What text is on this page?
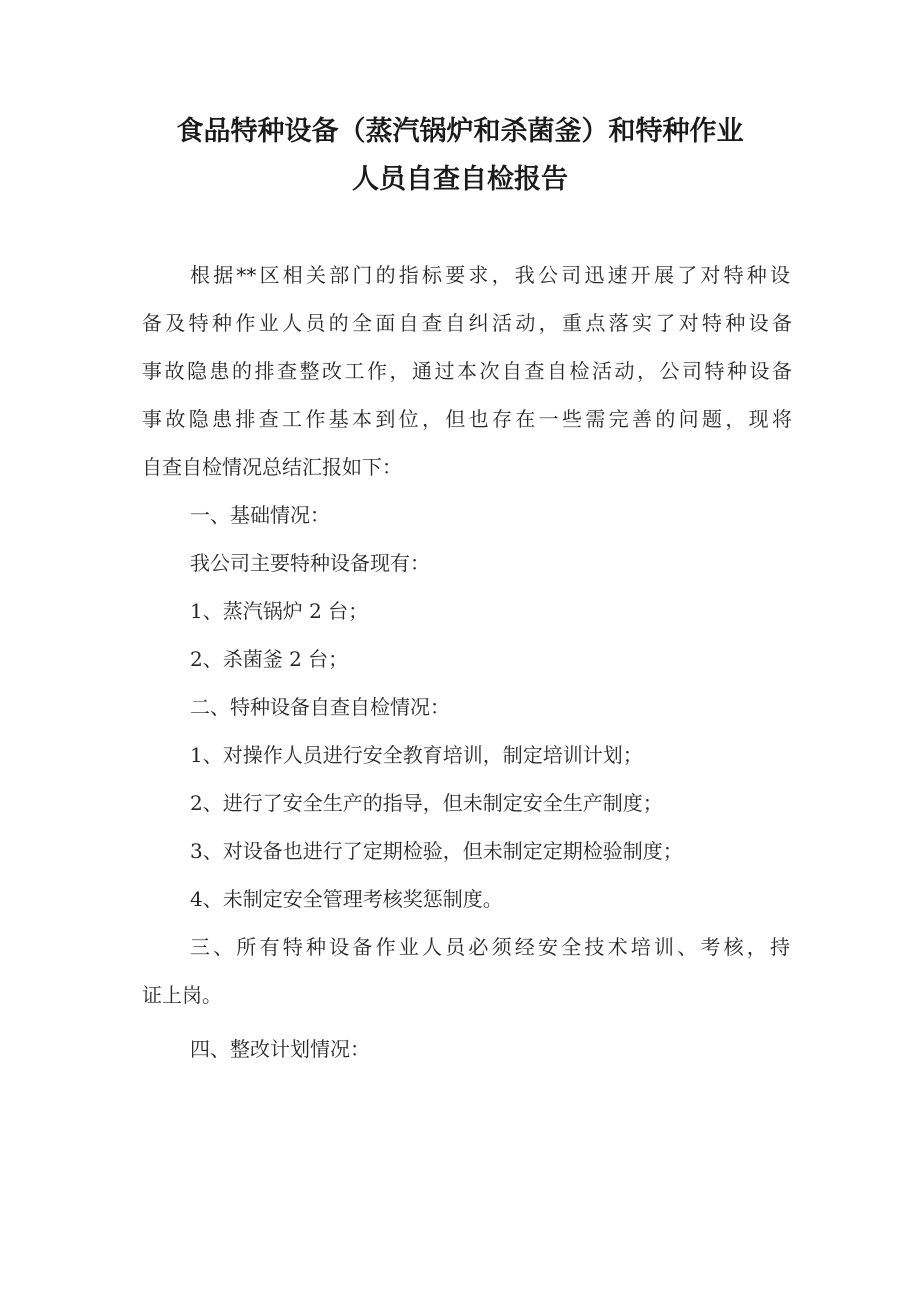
食品特种设备（蒸汽锅炉和杀菌釜）和特种作业
人员自查自检报告
根据**区相关部门的指标要求，我公司迅速开展了对特种设
备及特种作业人员的全面自查自纠活动，重点落实了对特种设备
事故隐患的排查整改工作，通过本次自查自检活动，公司特种设备
事故隐患排查工作基本到位，但也存在一些需完善的问题，现将
自查自检情况总结汇报如下：
一、基础情况：
我公司主要特种设备现有：
1、蒸汽锅炉 2 台；
2、杀菌釜 2 台；
二、特种设备自查自检情况：
1、对操作人员进行安全教育培训，制定培训计划；
2、进行了安全生产的指导，但未制定安全生产制度；
3、对设备也进行了定期检验，但未制定定期检验制度；
4、未制定安全管理考核奖惩制度。
三、所有特种设备作业人员必须经安全技术培训、考核，持
证上岗。
四、整改计划情况：
